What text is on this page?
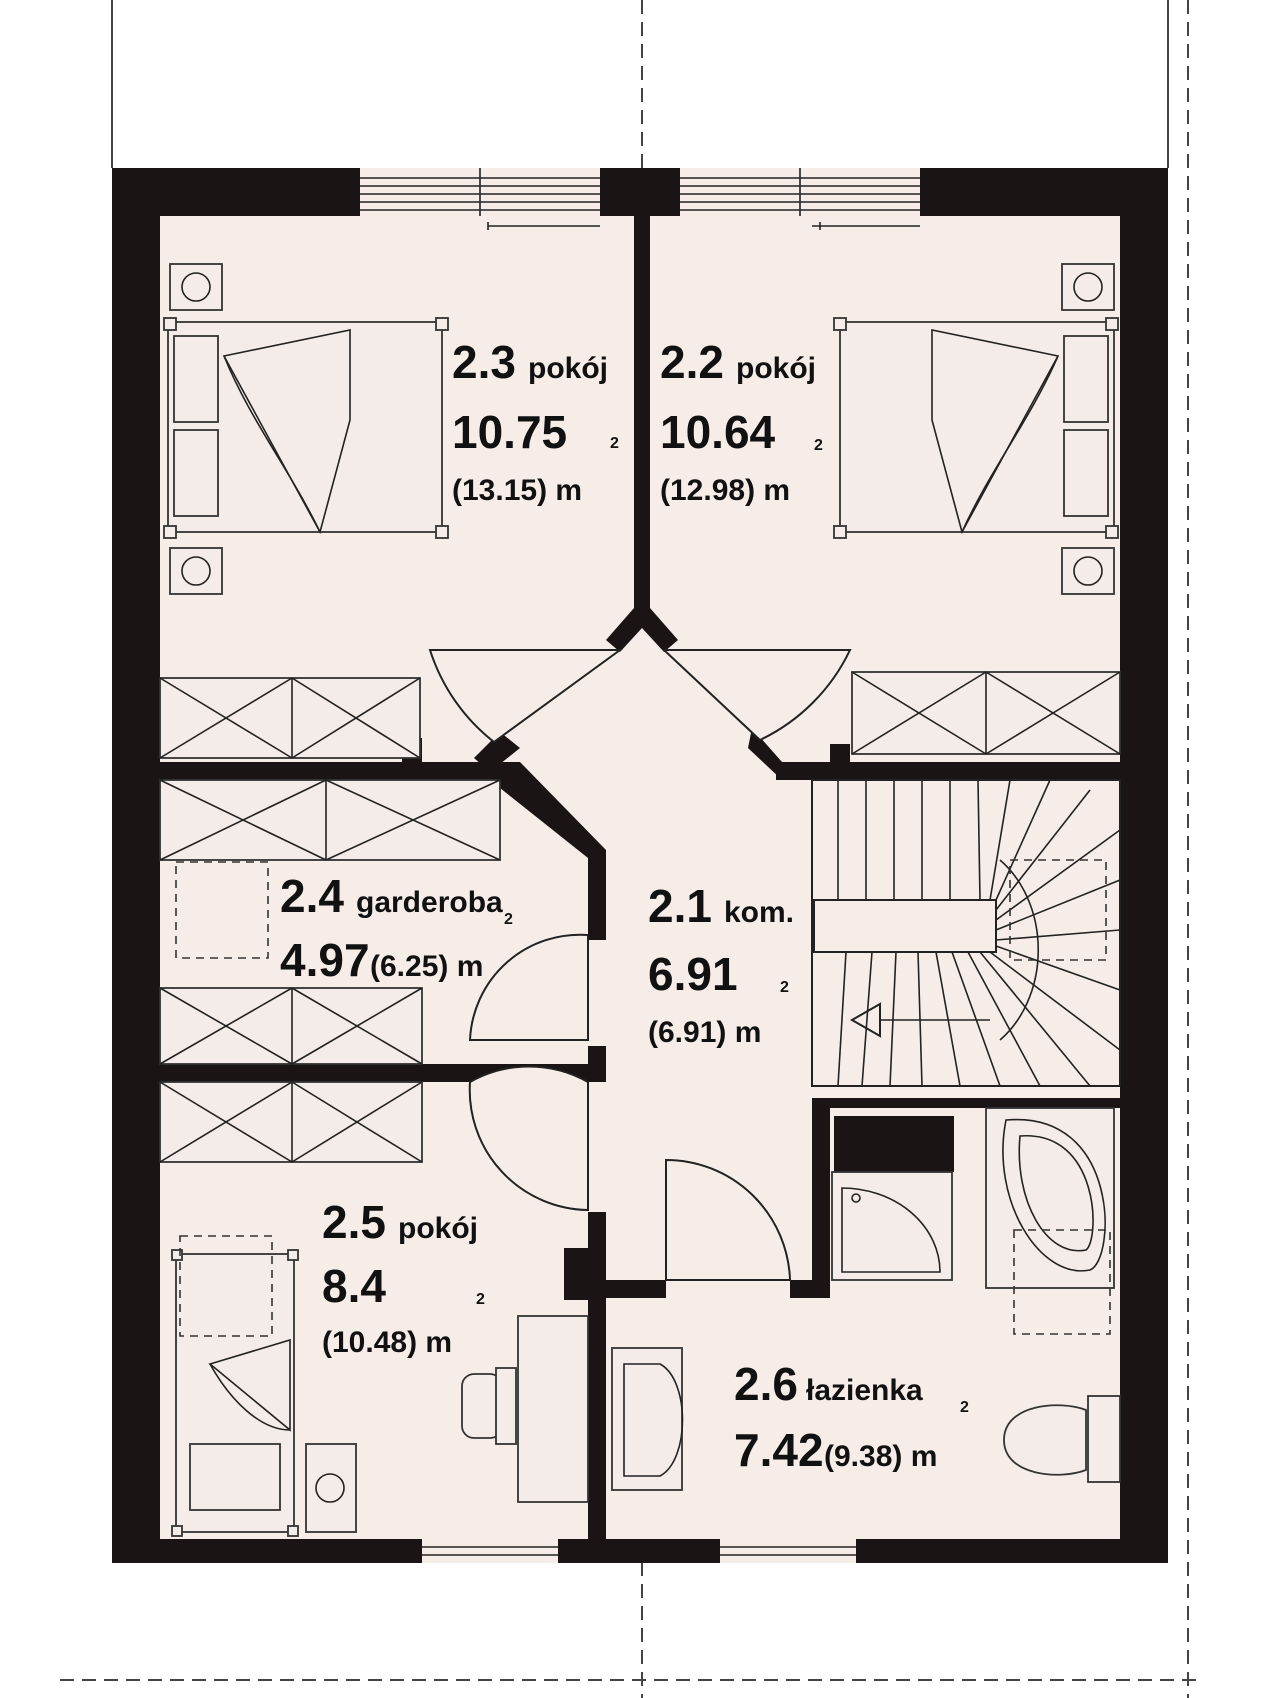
2.3 pokój
10.75	2
(13.15) m
2.2 pokój
10.64 2
(12.98) m
2.4 garderoba
4.97 (6.25) m
2	2.1 kom.
6.91	2
(6.91) m
2.5 pokój
8.4	2
(10.48) m
2.6 łazienka
2
7.42 (9.38) m
